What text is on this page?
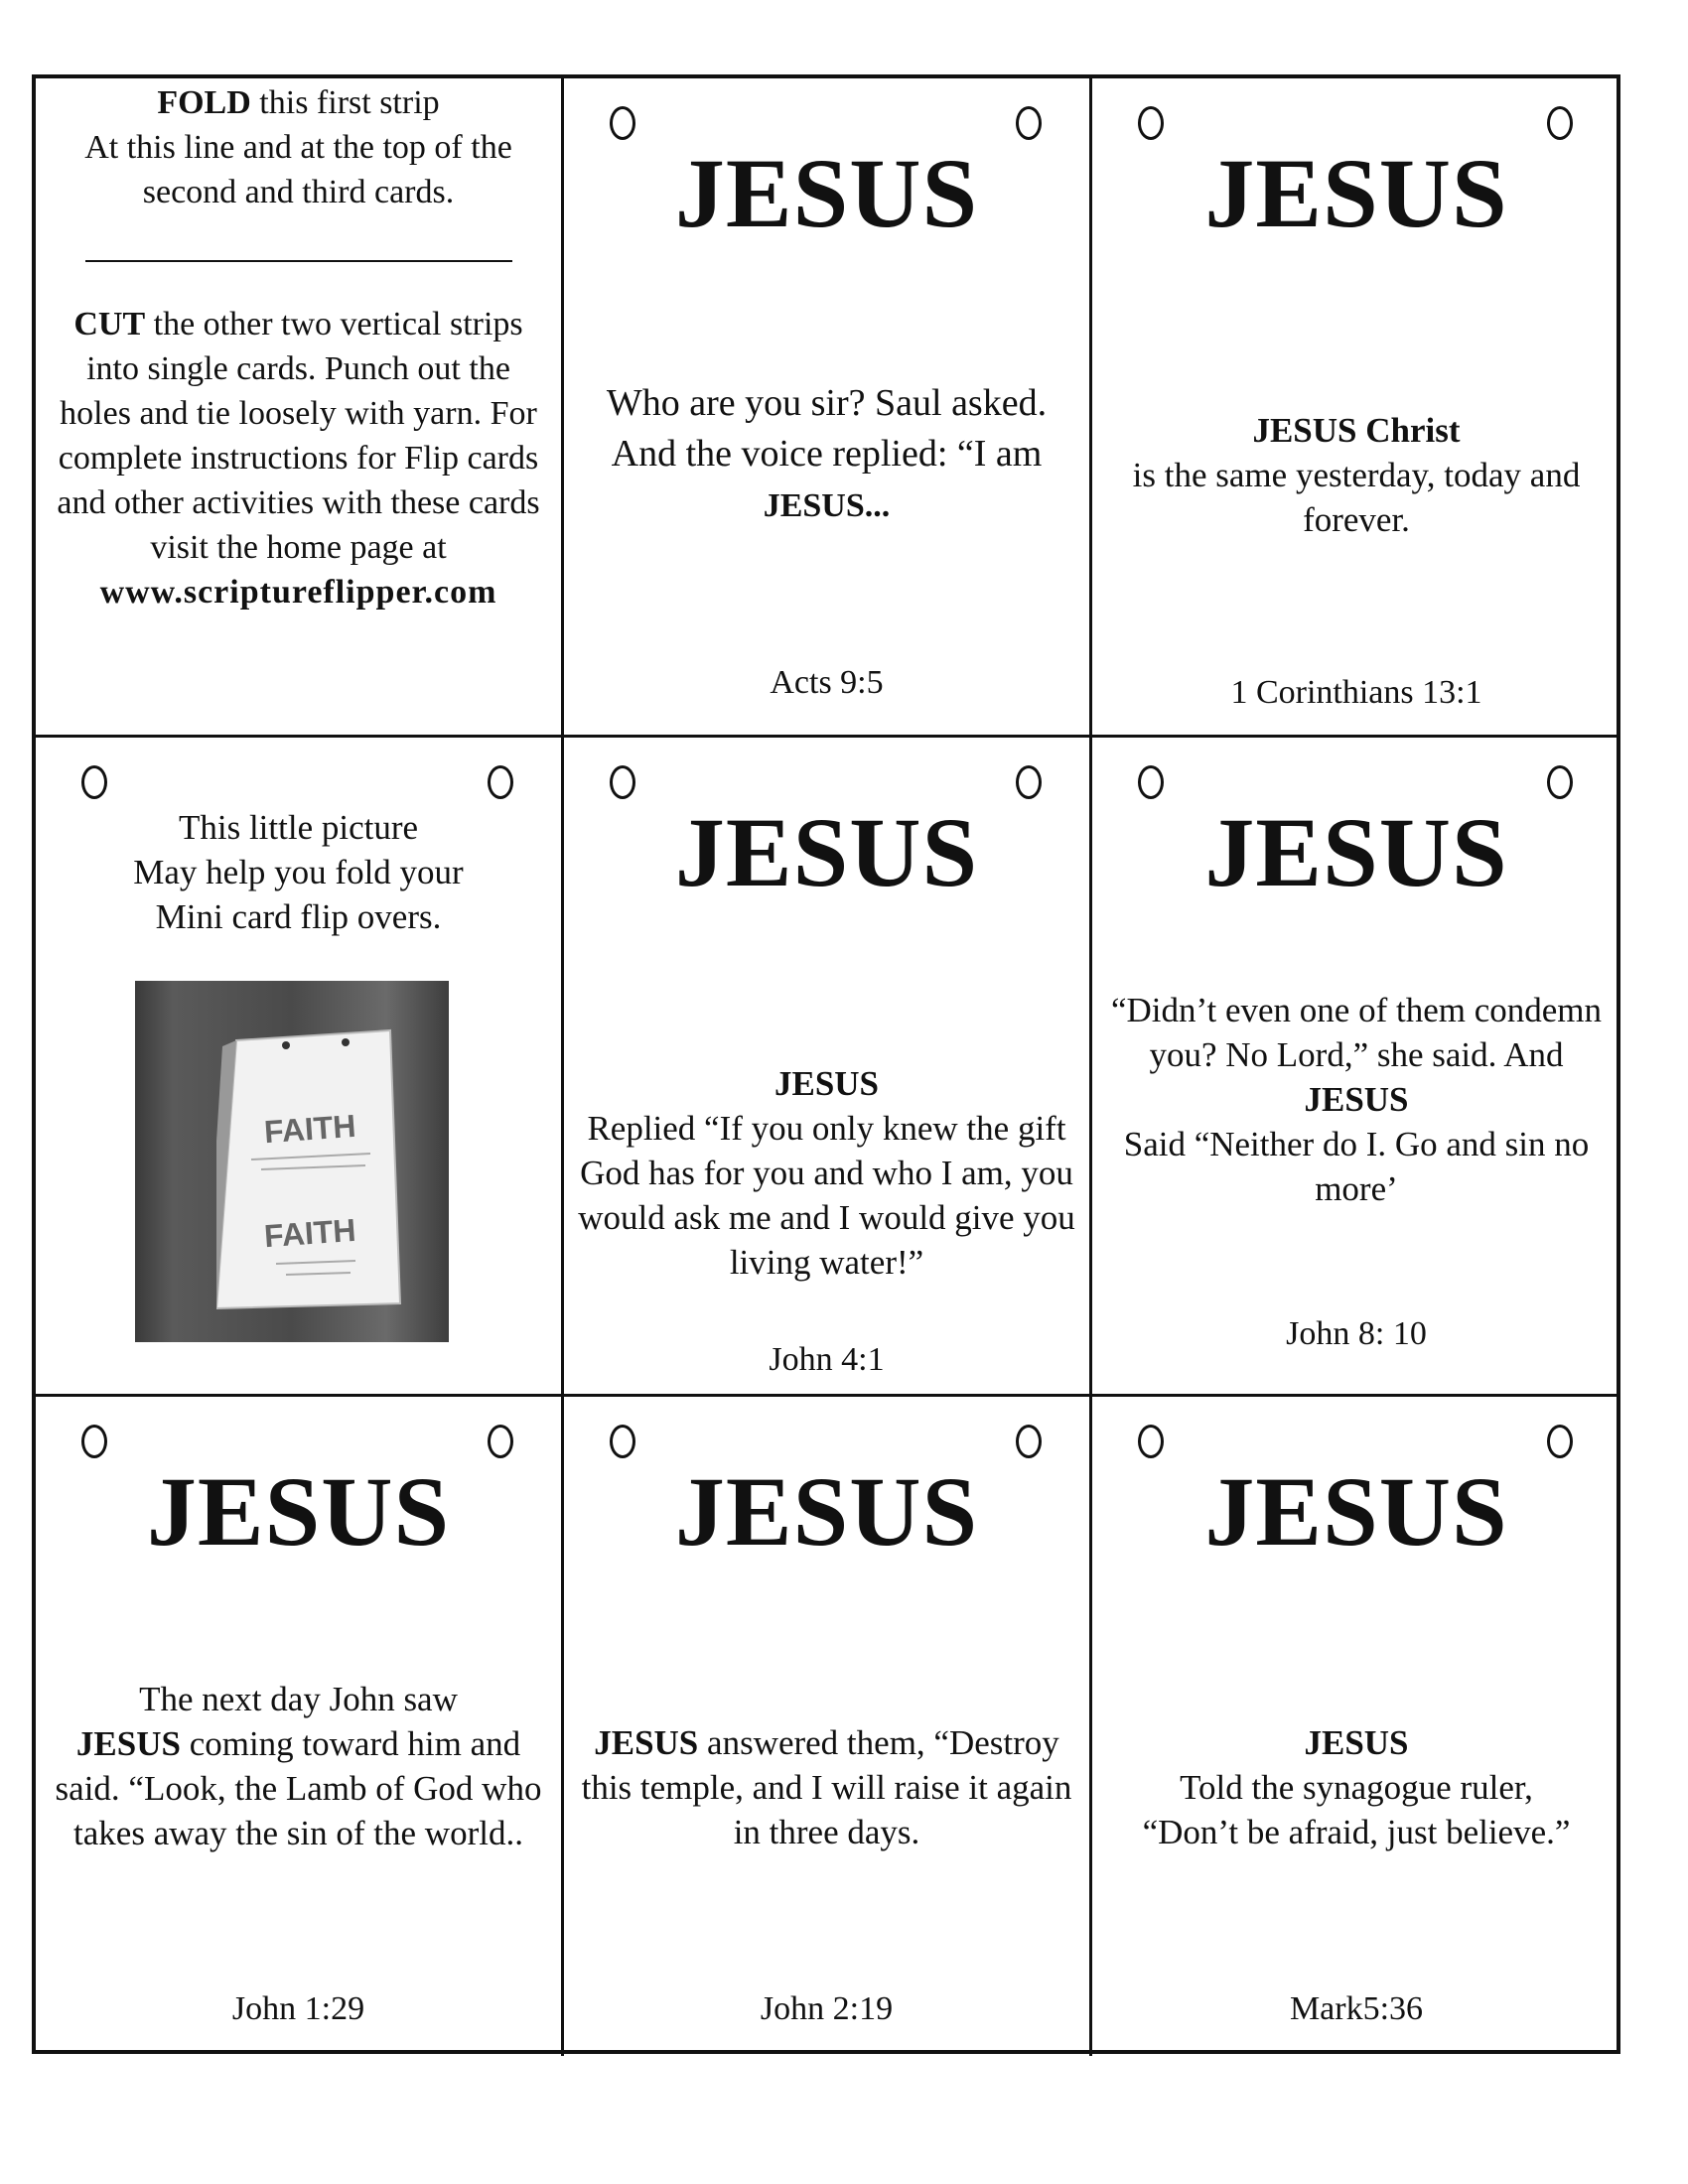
FOLD this first strip
At this line and at the top of the
second and third cards.
CUT the other two vertical strips into single cards. Punch out the holes and tie loosely with yarn. For complete instructions for Flip cards and other activities with these cards visit the home page at
www.scriptureflipper.com
JESUS
Who are you sir? Saul asked. And the voice replied: “I am
JESUS...
Acts 9:5
JESUS
JESUS Christ
is the same yesterday, today and forever.
1 Corinthians 13:1
This little picture
May help you fold your
Mini card flip overs.
FAITH
FAITH
JESUS
JESUS
Replied “If you only knew the gift God has for you and who I am, you would ask me and I would give you living water!”
John 4:1
JESUS
“Didn’t even one of them condemn you? No Lord,” she said. And
JESUS
Said “Neither do I. Go and sin no more’
John 8: 10
JESUS
The next day John saw
JESUS coming toward him and said. “Look, the Lamb of God who takes away the sin of the world..
John 1:29
JESUS
JESUS answered them, “Destroy this temple, and I will raise it again in three days.
John 2:19
JESUS
JESUS
Told the synagogue ruler, “Don’t be afraid, just believe.”
Mark5:36
